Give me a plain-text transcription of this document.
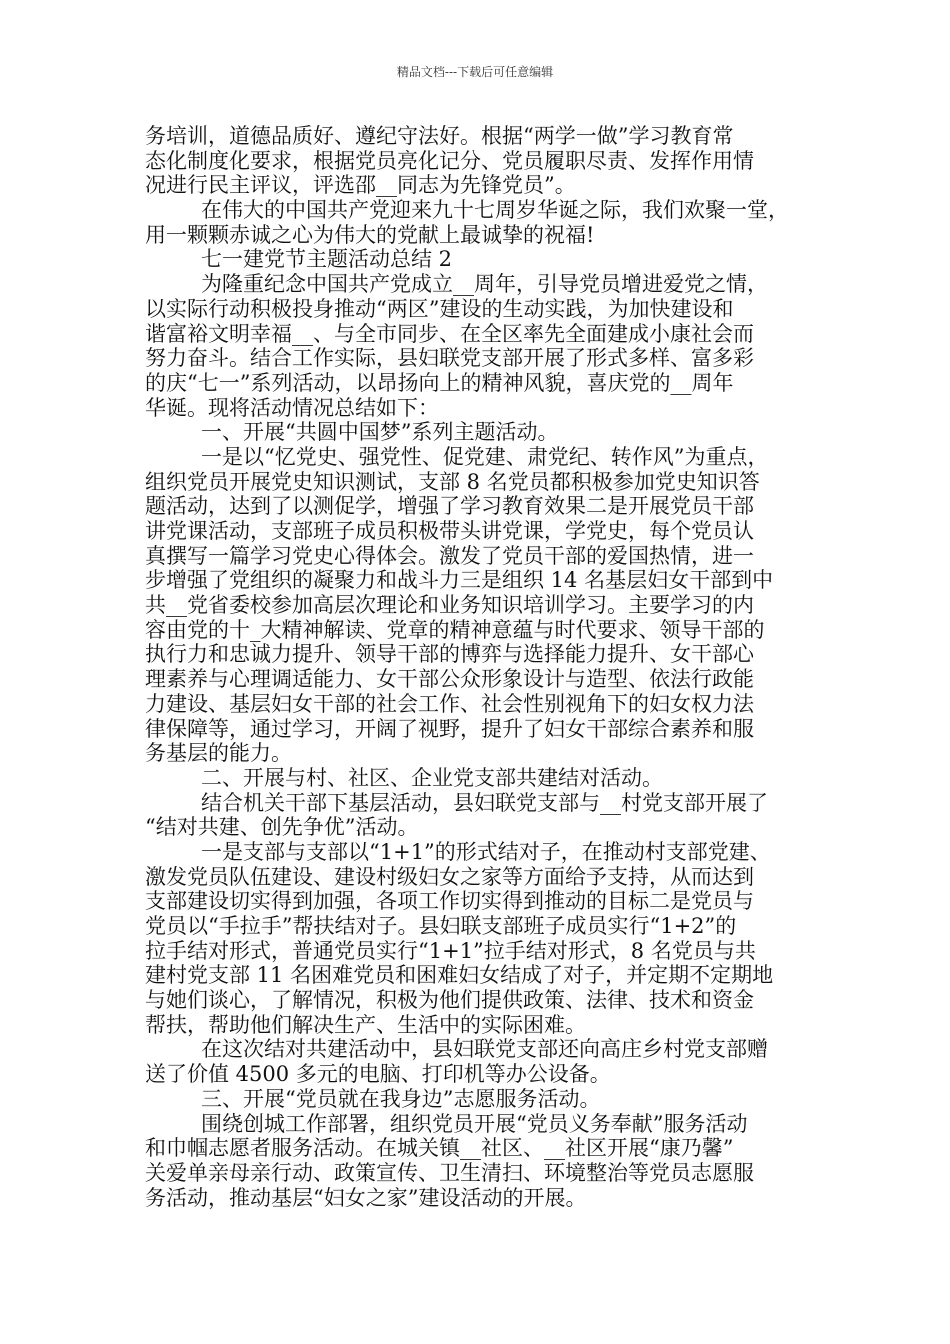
精品文档---下载后可任意编辑
务培训，道德品质好、遵纪守法好。根据“两学一做”学习教育常
态化制度化要求，根据党员亮化记分、党员履职尽责、发挥作用情
况进行民主评议，评选邵__同志为先锋党员”。
在伟大的中国共产党迎来九十七周岁华诞之际，我们欢聚一堂，
用一颗颗赤诚之心为伟大的党献上最诚挚的祝福!
七一建党节主题活动总结 2
为隆重纪念中国共产党成立__周年，引导党员增进爱党之情，
以实际行动积极投身推动“两区”建设的生动实践，为加快建设和
谐富裕文明幸福__、与全市同步、在全区率先全面建成小康社会而
努力奋斗。结合工作实际，县妇联党支部开展了形式多样、富多彩
的庆“七一”系列活动，以昂扬向上的精神风貌，喜庆党的__周年
华诞。现将活动情况总结如下：
一、开展“共圆中国梦”系列主题活动。
一是以“忆党史、强党性、促党建、肃党纪、转作风”为重点，
组织党员开展党史知识测试，支部 8 名党员都积极参加党史知识答
题活动，达到了以测促学，增强了学习教育效果二是开展党员干部
讲党课活动，支部班子成员积极带头讲党课，学党史，每个党员认
真撰写一篇学习党史心得体会。激发了党员干部的爱国热情，进一
步增强了党组织的凝聚力和战斗力三是组织 14 名基层妇女干部到中
共__党省委校参加高层次理论和业务知识培训学习。主要学习的内
容由党的十_大精神解读、党章的精神意蕴与时代要求、领导干部的
执行力和忠诚力提升、领导干部的博弈与选择能力提升、女干部心
理素养与心理调适能力、女干部公众形象设计与造型、依法行政能
力建设、基层妇女干部的社会工作、社会性别视角下的妇女权力法
律保障等，通过学习，开阔了视野，提升了妇女干部综合素养和服
务基层的能力。
二、开展与村、社区、企业党支部共建结对活动。
结合机关干部下基层活动，县妇联党支部与__村党支部开展了
“结对共建、创先争优”活动。
一是支部与支部以“1+1”的形式结对子，在推动村支部党建、
激发党员队伍建设、建设村级妇女之家等方面给予支持，从而达到
支部建设切实得到加强，各项工作切实得到推动的目标二是党员与
党员以“手拉手”帮扶结对子。县妇联支部班子成员实行“1+2”的
拉手结对形式，普通党员实行“1+1”拉手结对形式，8 名党员与共
建村党支部 11 名困难党员和困难妇女结成了对子，并定期不定期地
与她们谈心，了解情况，积极为他们提供政策、法律、技术和资金
帮扶，帮助他们解决生产、生活中的实际困难。
在这次结对共建活动中，县妇联党支部还向高庄乡村党支部赠
送了价值 4500 多元的电脑、打印机等办公设备。
三、开展“党员就在我身边”志愿服务活动。
围绕创城工作部署，组织党员开展“党员义务奉献”服务活动
和巾帼志愿者服务活动。在城关镇__社区、__社区开展“康乃馨”
关爱单亲母亲行动、政策宣传、卫生清扫、环境整治等党员志愿服
务活动，推动基层“妇女之家”建设活动的开展。
